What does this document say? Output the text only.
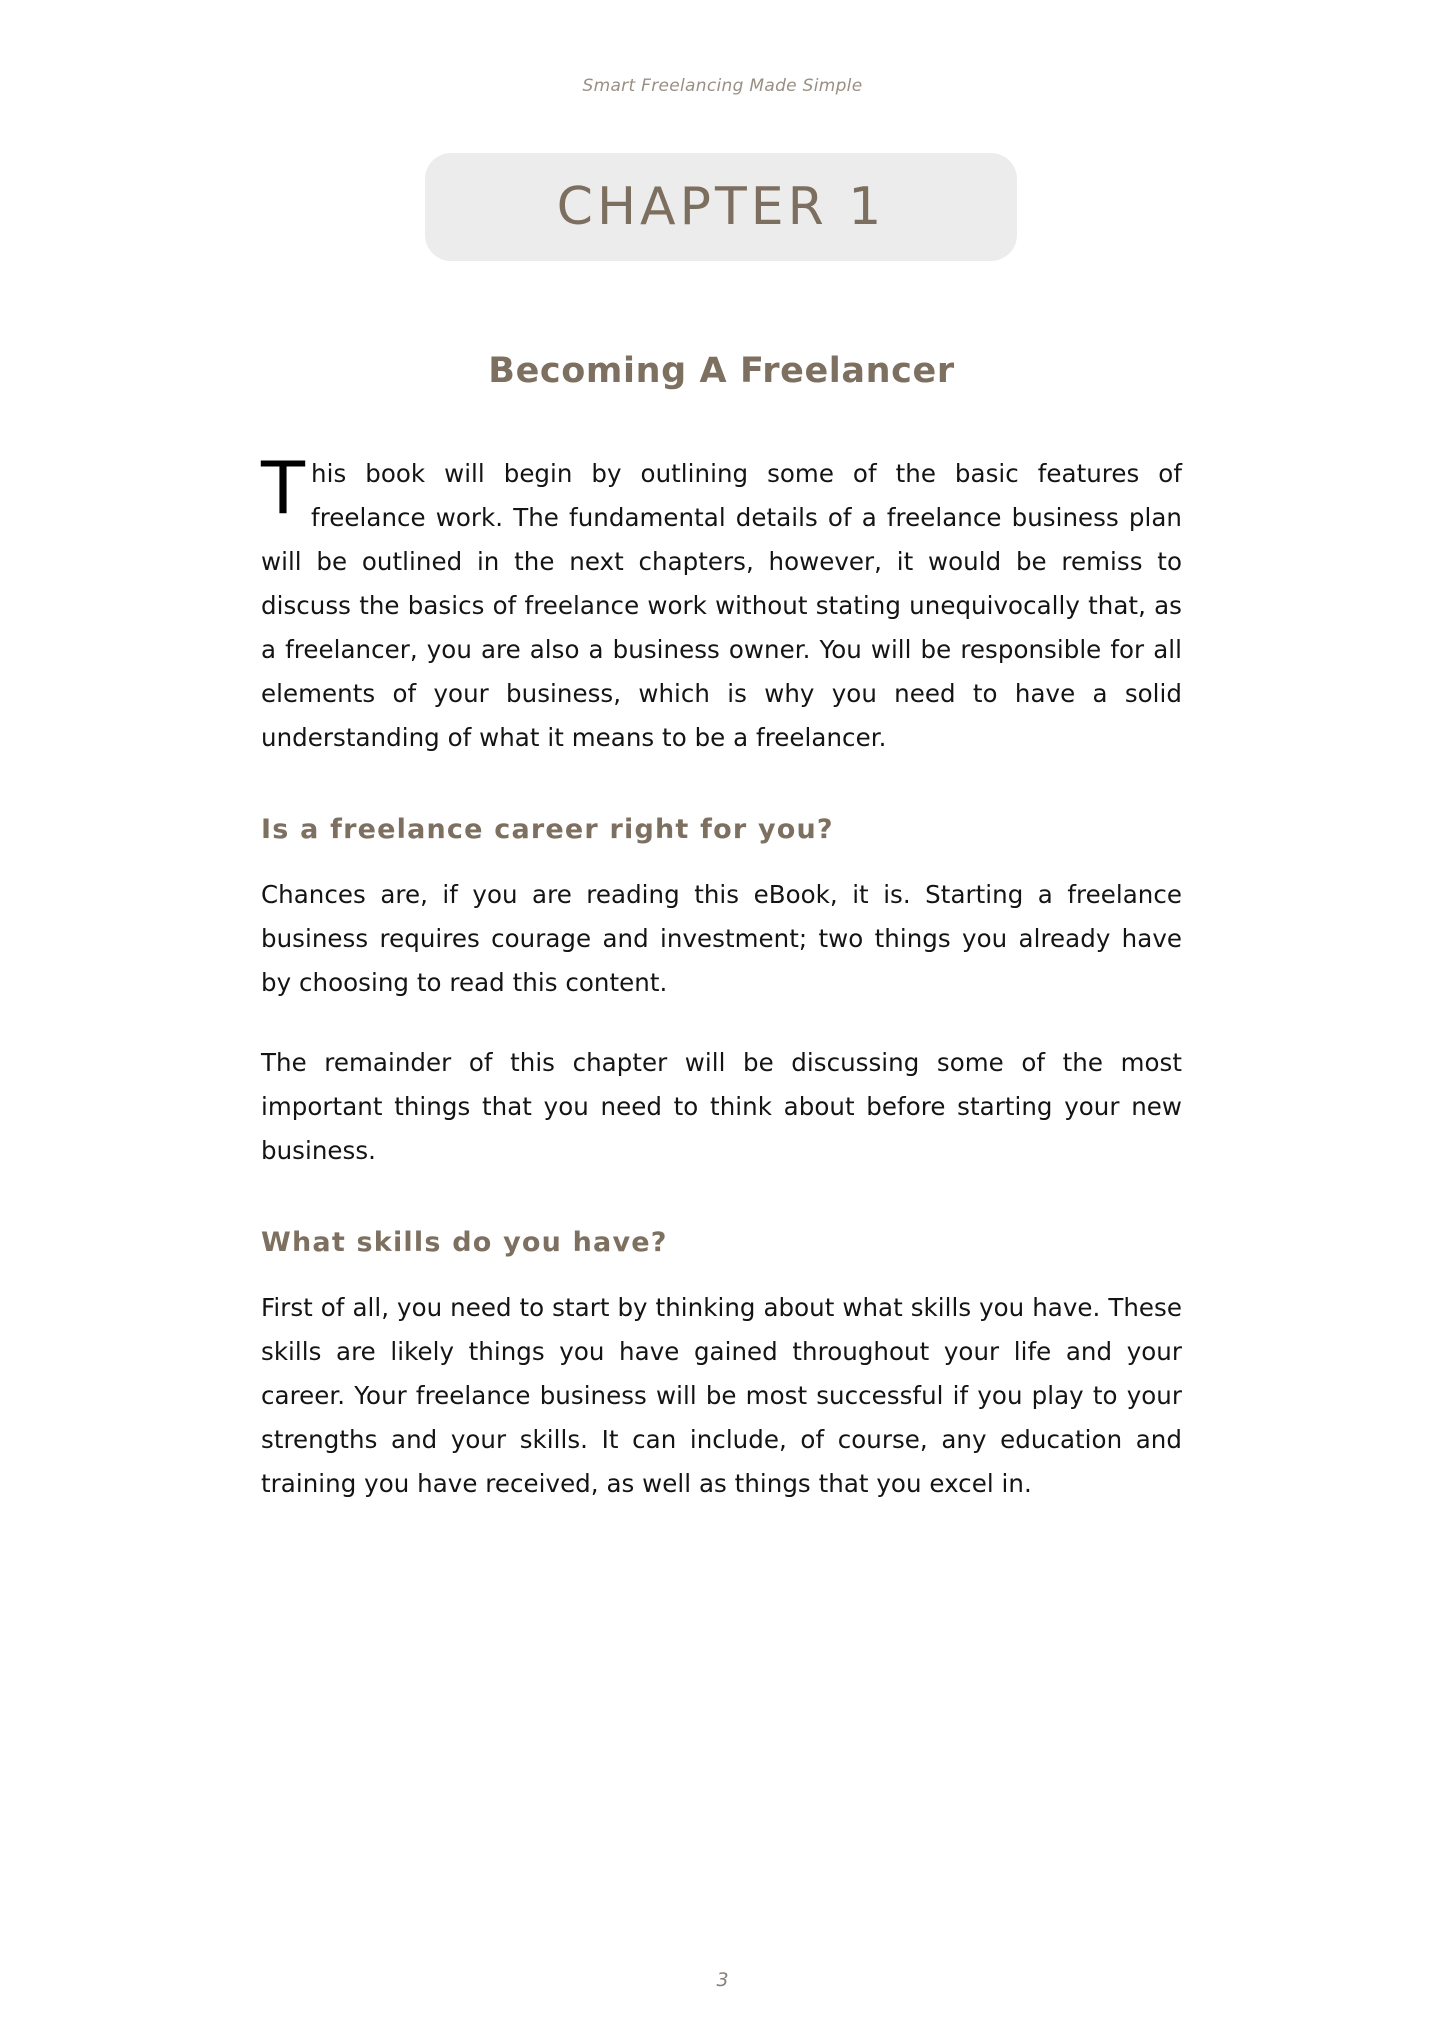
Smart Freelancing Made Simple
CHAPTER 1
Becoming A Freelancer

This book will begin by outlining some of the basic features of freelance work. The fundamental details of a freelance business plan will be outlined in the next chapters, however, it would be remiss to discuss the basics of freelance work without stating unequivocally that, as a freelancer, you are also a business owner. You will be responsible for all elements of your business, which is why you need to have a solid understanding of what it means to be a freelancer.

Is a freelance career right for you?

Chances are, if you are reading this eBook, it is. Starting a freelance business requires courage and investment; two things you already have by choosing to read this content.

The remainder of this chapter will be discussing some of the most important things that you need to think about before starting your new business.

What skills do you have?

First of all, you need to start by thinking about what skills you have. These skills are likely things you have gained throughout your life and your career. Your freelance business will be most successful if you play to your strengths and your skills. It can include, of course, any education and training you have received, as well as things that you excel in.

3
